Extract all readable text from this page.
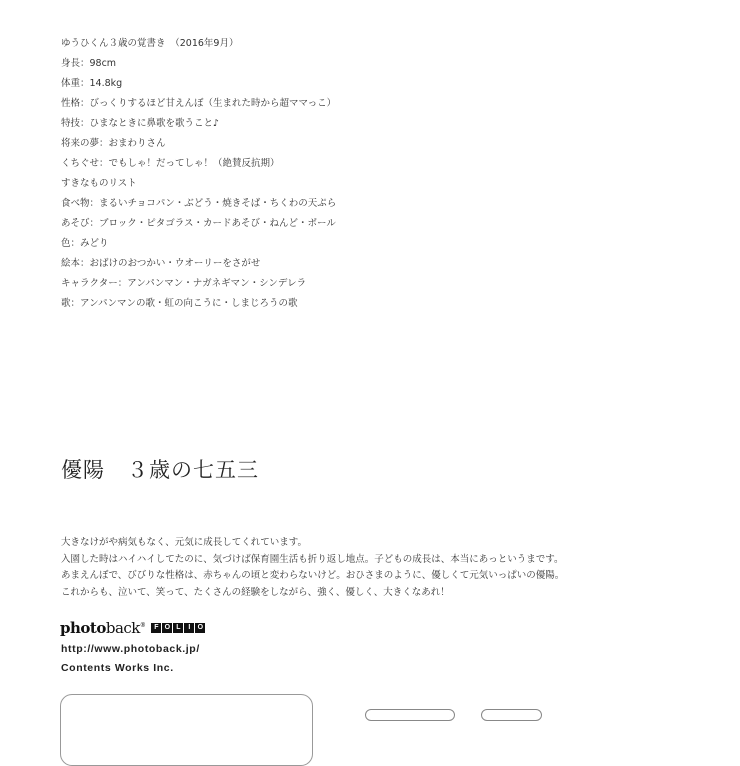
ゆうひくん３歳の覚書き　（2016年9月）
身長：98cm
体重：14.8kg
性格：びっくりするほど甘えんぼ（生まれた時から超ママっこ）
特技：ひまなときに鼻歌を歌うこと♪
将来の夢：おまわりさん
くちぐせ：でもしゃ！だってしゃ！（絶賛反抗期）
すきなものリスト
食べ物：まるいチョコパン・ぶどう・焼きそば・ちくわの天ぷら
あそび：ブロック・ピタゴラス・カードあそび・ねんど・ボール
色：みどり
絵本：おばけのおつかい・ウオーリーをさがせ
キャラクター：アンパンマン・ナガネギマン・シンデレラ
歌：アンパンマンの歌・虹の向こうに・しまじろうの歌
優陽　３歳の七五三
大きなけがや病気もなく、元気に成長してくれています。
入園した時はハイハイしてたのに、気づけば保育園生活も折り返し地点。子どもの成長は、本当にあっというまです。
あまえんぼで、びびりな性格は、赤ちゃんの頃と変わらないけど。おひさまのように、優しくて元気いっぱいの優陽。
これからも、泣いて、笑って、たくさんの経験をしながら、強く、優しく、大きくなあれ！
photoback®	F O L	I	O
http://www.photoback.jp/
Contents Works Inc.
